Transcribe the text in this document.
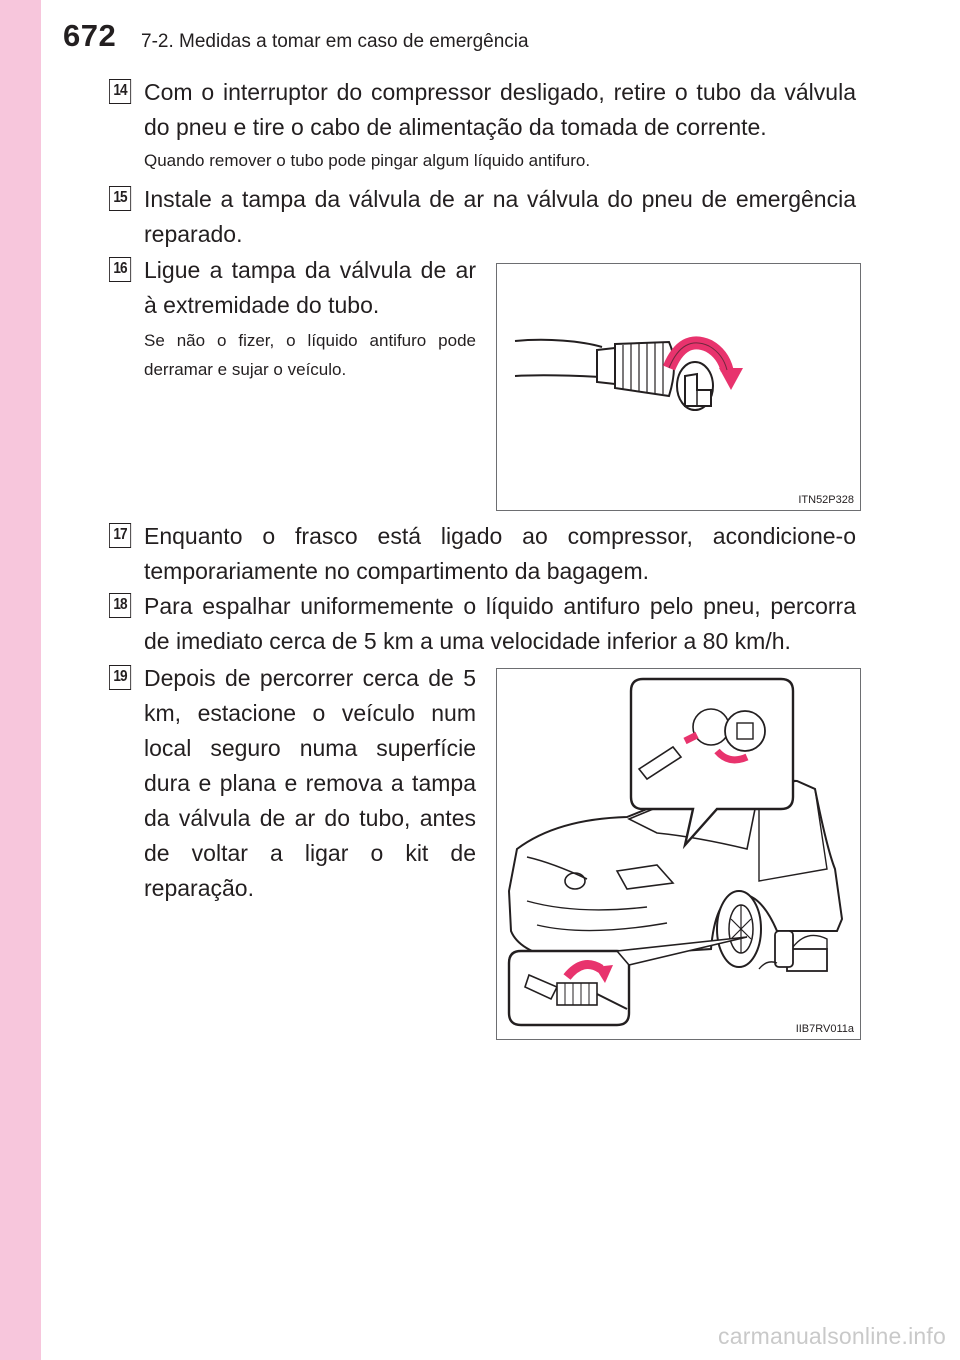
672 7-2. Medidas a tomar em caso de emergência
14 Com o interruptor do compressor desligado, retire o tubo da válvula do pneu e tire o cabo de alimentação da tomada de corrente.
Quando remover o tubo pode pingar algum líquido antifuro.
15 Instale a tampa da válvula de ar na válvula do pneu de emergência reparado.
16 Ligue a tampa da válvula de ar à extremidade do tubo.
Se não o fizer, o líquido antifuro pode derramar e sujar o veículo.
ITN52P328
17 Enquanto o frasco está ligado ao compressor, acondicione-o temporariamente no compartimento da bagagem.
18 Para espalhar uniformemente o líquido antifuro pelo pneu, percorra de imediato cerca de 5 km a uma velocidade inferior a 80 km/h.
19 Depois de percorrer cerca de 5 km, estacione o veículo num local seguro numa superfície dura e plana e remova a tampa da válvula de ar do tubo, antes de voltar a ligar o kit de reparação.
IIB7RV011a
carmanualsonline.info
